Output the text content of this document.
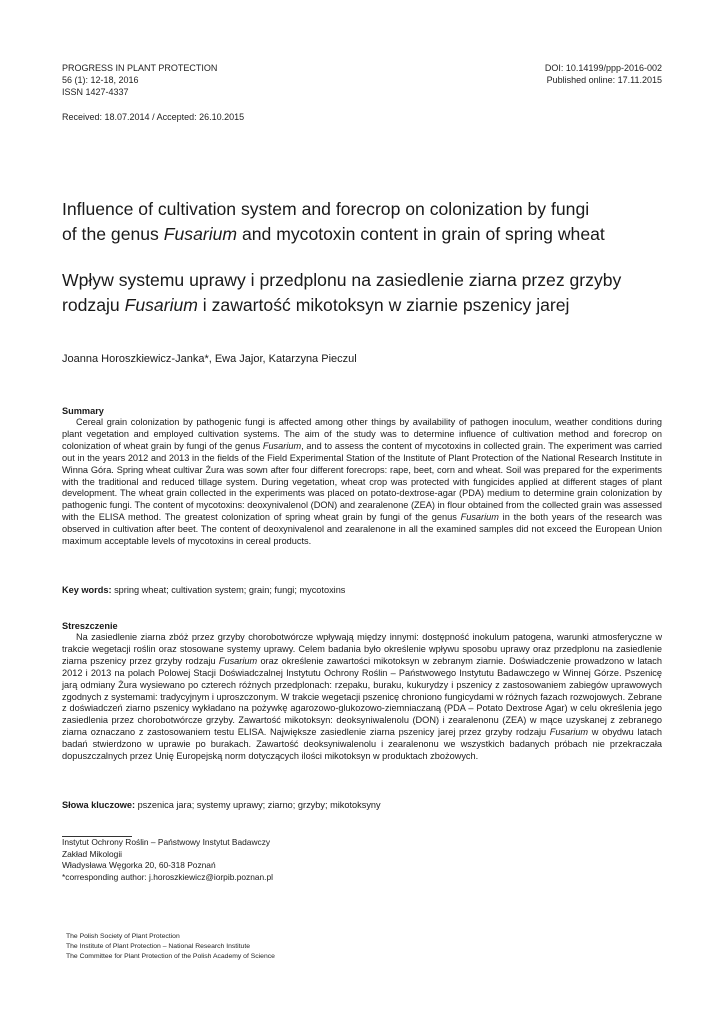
PROGRESS IN PLANT PROTECTION
56 (1): 12-18, 2016
ISSN 1427-4337
DOI: 10.14199/ppp-2016-002
Published online: 17.11.2015
Received: 18.07.2014 / Accepted: 26.10.2015
Influence of cultivation system and forecrop on colonization by fungi
of the genus Fusarium and mycotoxin content in grain of spring wheat
Wpływ systemu uprawy i przedplonu na zasiedlenie ziarna przez grzyby
rodzaju Fusarium i zawartość mikotoksyn w ziarnie pszenicy jarej
Joanna Horoszkiewicz-Janka*, Ewa Jajor, Katarzyna Pieczul
Summary

Cereal grain colonization by pathogenic fungi is affected among other things by availability of pathogen inoculum, weather conditions during plant vegetation and employed cultivation systems. The aim of the study was to determine influence of cultivation method and forecrop on colonization of wheat grain by fungi of the genus Fusarium, and to assess the content of mycotoxins in collected grain. The experiment was carried out in the years 2012 and 2013 in the fields of the Field Experimental Station of the Institute of Plant Protection of the National Research Institute in Winna Góra. Spring wheat cultivar Żura was sown after four different forecrops: rape, beet, corn and wheat. Soil was prepared for the experiments with the traditional and reduced tillage system. During vegetation, wheat crop was protected with fungicides applied at different stages of plant development. The wheat grain collected in the experiments was placed on potato-dextrose-agar (PDA) medium to determine grain colonization by pathogenic fungi. The content of mycotoxins: deoxynivalenol (DON) and zearalenone (ZEA) in flour obtained from the collected grain was assessed with the ELISA method. The greatest colonization of spring wheat grain by fungi of the genus Fusarium in the both years of the research was observed in cultivation after beet. The content of deoxynivalenol and zearalenone in all the examined samples did not exceed the European Union maximum acceptable levels of mycotoxins in cereal products.

Key words: spring wheat; cultivation system; grain; fungi; mycotoxins
Streszczenie

Na zasiedlenie ziarna zbóż przez grzyby chorobotwórcze wpływają między innymi: dostępność inokulum patogena, warunki atmosferyczne w trakcie wegetacji roślin oraz stosowane systemy uprawy. Celem badania było określenie wpływu sposobu uprawy oraz przedplonu na zasiedlenie ziarna pszenicy przez grzyby rodzaju Fusarium oraz określenie zawartości mikotoksyn w zebranym ziarnie. Doświadczenie prowadzono w latach 2012 i 2013 na polach Polowej Stacji Doświadczalnej Instytutu Ochrony Roślin – Państwowego Instytutu Badawczego w Winnej Górze. Pszenicę jarą odmiany Żura wysiewano po czterech różnych przedplonach: rzepaku, buraku, kukurydzy i pszenicy z zastosowaniem zabiegów uprawowych zgodnych z systemami: tradycyjnym i uproszczonym. W trakcie wegetacji pszenicę chroniono fungicydami w różnych fazach rozwojowych. Zebrane z doświadczeń ziarno pszenicy wykładano na pożywkę agarozowo-glukozowo-ziemniaczaną (PDA – Potato Dextrose Agar) w celu określenia jego zasiedlenia przez chorobotwórcze grzyby. Zawartość mikotoksyn: deoksyniwalenolu (DON) i zearalenonu (ZEA) w mące uzyskanej z zebranego ziarna oznaczano z zastosowaniem testu ELISA. Największe zasiedlenie ziarna pszenicy jarej przez grzyby rodzaju Fusarium w obydwu latach badań stwierdzono w uprawie po burakach. Zawartość deoksyniwalenolu i zearalenonu we wszystkich badanych próbach nie przekraczała dopuszczalnych przez Unię Europejską norm dotyczących ilości mikotoksyn w produktach zbożowych.

Słowa kluczowe: pszenica jara; systemy uprawy; ziarno; grzyby; mikotoksyny
Instytut Ochrony Roślin – Państwowy Instytut Badawczy
Zakład Mikologii
Władysława Węgorka 20, 60-318 Poznań
*corresponding author: j.horoszkiewicz@iorpib.poznan.pl
The Polish Society of Plant Protection
The Institute of Plant Protection – National Research Institute
The Committee for Plant Protection of the Polish Academy of Science
